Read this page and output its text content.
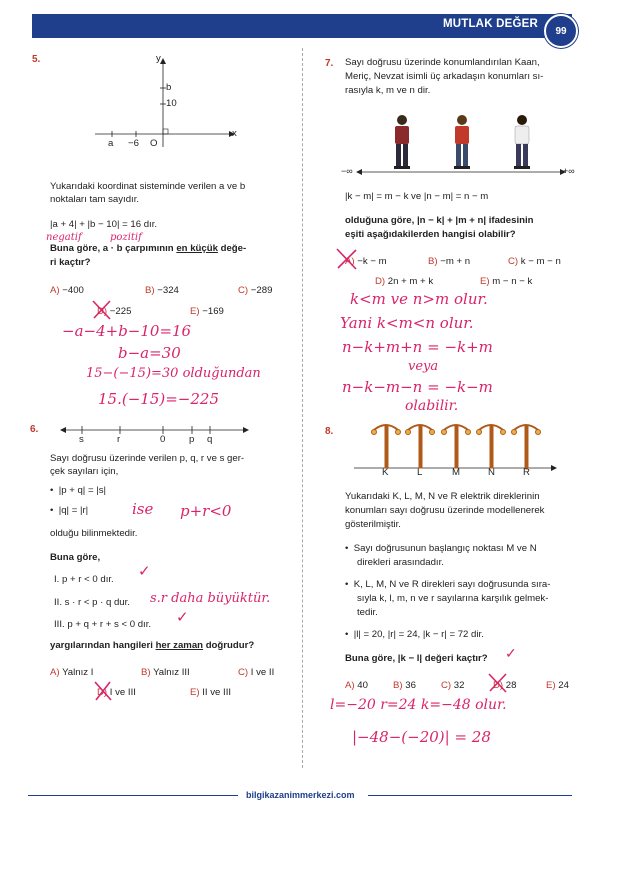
MUTLAK DEĞER
99
5.	y
b
10
x
a −6 O
Yukarıdaki koordinat sisteminde verilen a ve b
noktaları tam sayıdır.
|a + 4| + |b − 10| = 16 dır.
negatif	pozitif
Buna göre, a · b çarpımının en küçük değe-
ri kaçtır?
A) −400	B) −324	C) −289
D) −225	E) −169
−a−4+b−10=16
b−a=30
15−(−15)=30 olduğundan
15.(−15)=−225
6.
s	r	0 p q
Sayı doğrusu üzerinde verilen p, q, r ve s ger-
çek sayıları için,
•  |p + q| = |s|
•  |q| = |r|	ise p+r<0
olduğu bilinmektedir.
Buna göre,
I. p + r < 0 dır. ✓
II. s · r < p · q dur. s.r daha büyüktür.
III. p + q + r + s < 0 dır. ✓
yargılarından hangileri her zaman doğrudur?
A) Yalnız I	B) Yalnız III	C) I ve II
D) I ve III	E) II ve III
7. Sayı doğrusu üzerinde konumlandırılan Kaan,
Meriç, Nevzat isimli üç arkadaşın konumları sı-
rasıyla k, m ve n dir.
−∞	+∞
|k − m| = m − k ve |n − m| = n − m
olduğuna göre, |n − k| + |m + n| ifadesinin
eşiti aşağıdakilerden hangisi olabilir?
A) −k − m	B) −m + n	C) k − m − n
D) 2n + m + k	E) m − n − k
k<m ve n>m olur.
Yani k<m<n olur.
n−k+m+n = −k+m
veya
n−k−m−n = −k−m
olabilir.
8.
K	L	M	N	R
Yukarıdaki K, L, M, N ve R elektrik direklerinin
konumları sayı doğrusu üzerinde modellenerek
gösterilmiştir.
•  Sayı doğrusunun başlangıç noktası M ve N
direkleri arasındadır.
•  K, L, M, N ve R direkleri sayı doğrusunda sıra-
sıyla k, l, m, n ve r sayılarına karşılık gelmek-
tedir.
•  |l| = 20, |r| = 24, |k − r| = 72 dir.
Buna göre, |k − l| değeri kaçtır? ✓
A) 40	B) 36	C) 32	D) 28	E) 24
l=−20 r=24 k=−48 olur.
|−48−(−20)| = 28
bilgikazanimmerkezi.com
